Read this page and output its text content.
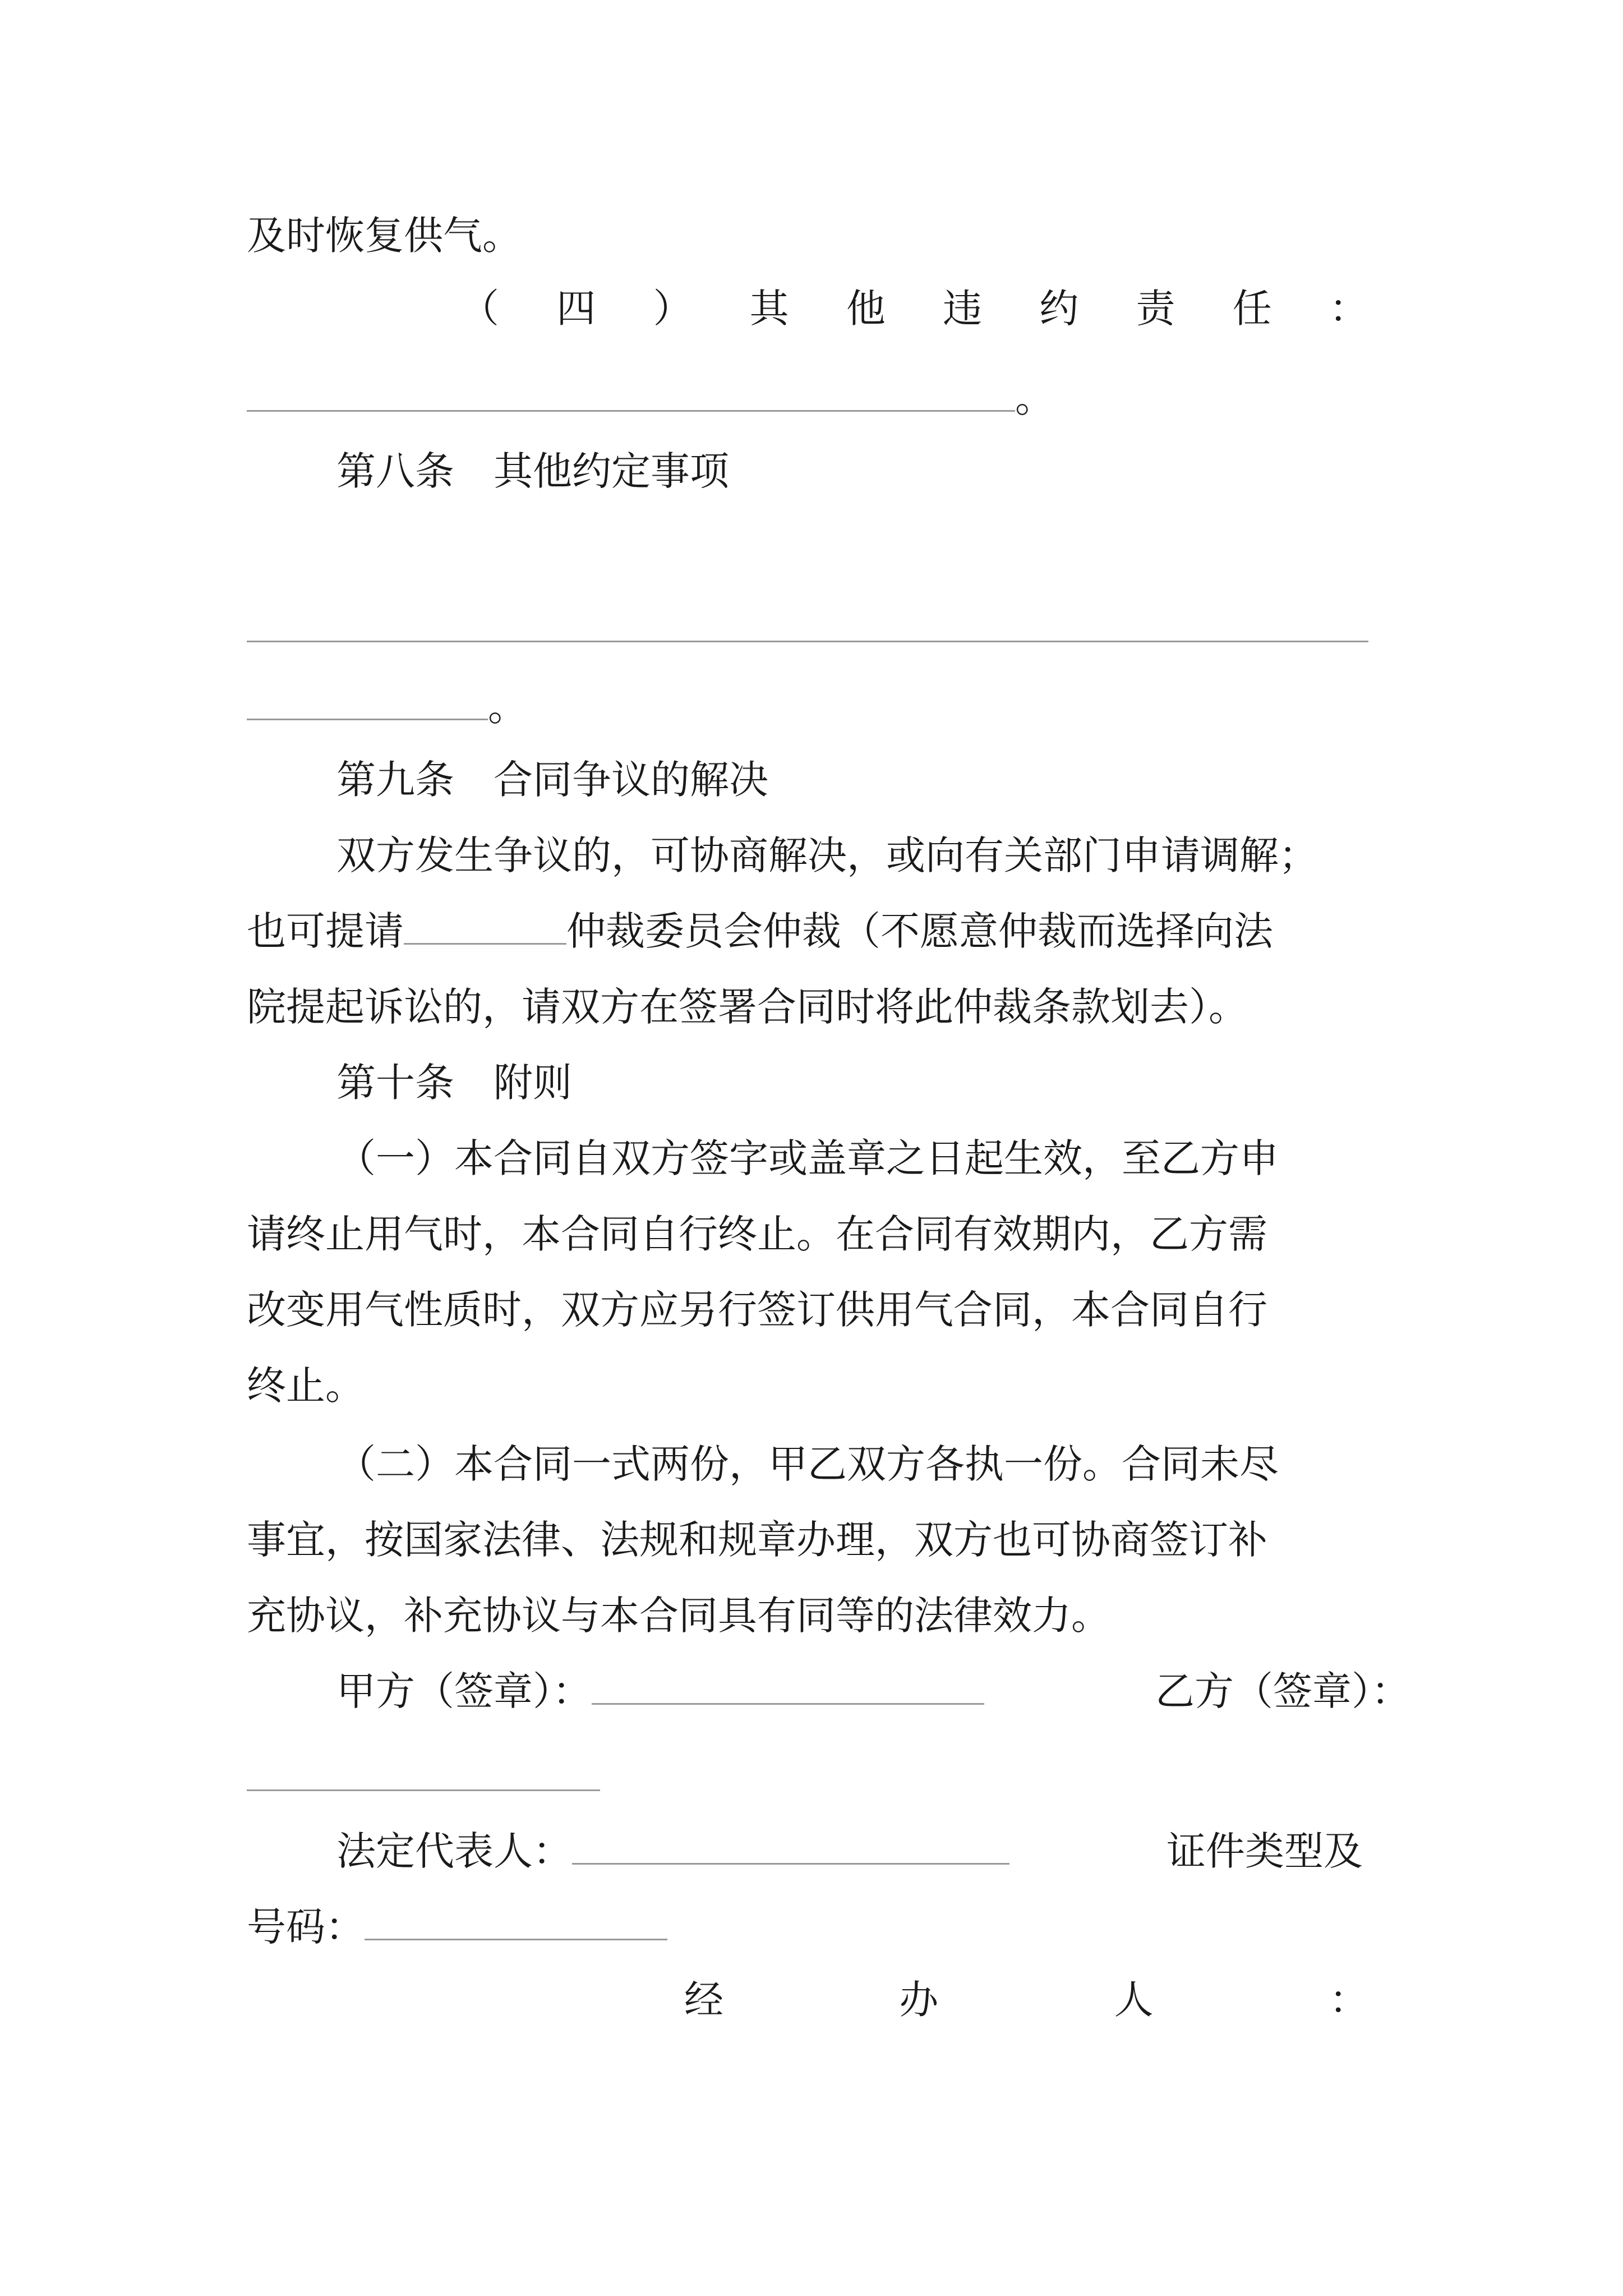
及时恢复供气。
（ 四 ） 其 他 违 约 责 任 ：
。
第八条　其他约定事项
。
第九条　合同争议的解决
双方发生争议的，可协商解决，或向有关部门申请调解；
也可提请	仲裁委员会仲裁（不愿意仲裁而选择向法
院提起诉讼的，请双方在签署合同时将此仲裁条款划去）。
第十条　附则
（一）本合同自双方签字或盖章之日起生效，至乙方申
请终止用气时，本合同自行终止。在合同有效期内，乙方需
改变用气性质时，双方应另行签订供用气合同，本合同自行
终止。
（二）本合同一式两份，甲乙双方各执一份。合同未尽
事宜，按国家法律、法规和规章办理，双方也可协商签订补
充协议，补充协议与本合同具有同等的法律效力。
甲方（签章）：	乙方（签章）：
法定代表人：	证件类型及
号码：
经	办	人	：
